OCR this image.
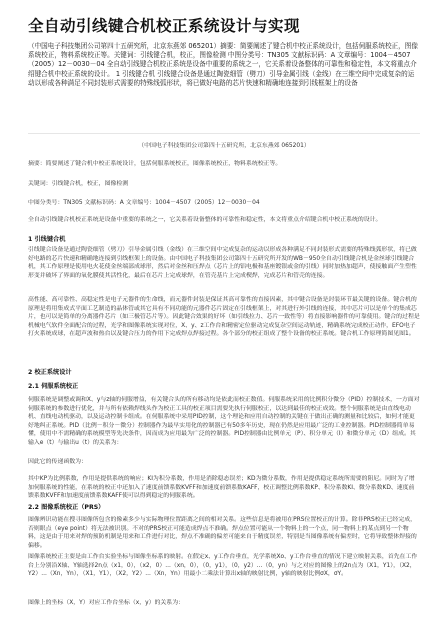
全自动引线键合机校正系统设计与实现
（中国电子科技集团公司第四十五研究所，北京东燕郊 065201）摘要：简要阐述了键合机中校正系统设计，包括伺服系统校正，图像系统校正，物料系统校正等。关键词：引线键合机，校正，图像检测 中图分类号：TN305 文献标识码：A 文章编号：1004－4507（2005）12－0030－04 全自动引线键合机校正系统是设备中重要的系统之一，它关系着设备整体的可靠性和稳定性，本文将重点介绍键合机中校正系统的设计。 1 引线键合机 引线键合设备是通过陶瓷细管（劈刀）引导金属引线（金线）在三维空间中完成复杂的运动以形成各种满足不同封装形式需要的特殊线弧形状，将已做好电路的芯片快速和精确地连接到引线框架上的设备
（中国电子科技集团公司第四十五研究所，北京东燕郊 065201）
摘要：简要阐述了键合机中校正系统设计，包括伺服系统校正，图像系统校正，物料系统校正等。
关键词：引线键合机，校正，图像检测
中图分类号：TN305 文献标识码：A 文章编号：1004－4507（2005）12－0030－04
全自动引线键合机校正系统是设备中重要的系统之一，它关系着设备整体的可靠性和稳定性，本文将重点介绍键合机中校正系统的设计。
1 引线键合机
引线键合设备是通过陶瓷细管（劈刀）引导金属引线（金线）在三维空间中完成复杂的运动以形成各种满足不同封装形式需要的特殊线弧形状，将已做好电路的芯片快速和精确地连接到引线框架上的设备。由中国电子科技集团公司第四十五研究所开发的WB－950全自动引线键合机是金丝球引线键合机，其工作原理是使用电火花使金丝端部成球形，然后对金丝和压焊点（芯片上的铝电极和基座镀银或金的引线）同时加热加超声，使接触面产生塑性形变并破坏了界面的氧化膜使其活性化，最后在芯片上完成球焊，在管壳基片上完成楔焊，完成芯片和管壳的连接。
高性能、高可靠性、高稳定性是电子元器件的生命线，而元器件封装是保证其高可靠性的直接因素，其中键合设备是封装环节最关键的设备。键合机的原理是将用集成式平面工艺制造的晶体管或其它具有不同功能的元器件芯片固定在引线框架上，对其进行外引线的连接，其中芯片可以是单个的集成芯片，也可以是简单的分离器件芯片（如三极管芯片等）。因此键合效果的好坏（如引线拉力、芯片一致性等）将直接影响器件的可靠使用。键合的过程是机械电气软件全面配合的过程，光学和图像系统实现对位，X、y、z工作台和精密定位驱动完成复杂空间运动轨迹，精确系统完成校正动作，EFO电子打火系统成球，在超声波和热台以及键合压力的作用下完成焊点焊接过程。各个部分的校正组成了整个设备的校正系统。键合机工作原理简图见图1。
2 校正系统设计
2.1 伺服系统校正
伺服系统是调整或调和X、y与z轴的伺服增益，有关键合头的所有移动均是依此而校正数值。伺服系统采用的比例积分微分（PID）控制技术，一方面对伺服系统的参数进行优化，并与所有依赖焊线头作为校正工具的校正项目需要先执行伺服校正，以达到最佳的校正成效。整个伺服系统是由直线电动机、直线电动机驱动，以及运动控制卡组成。在伺服系统中采用PID控制，这个理论和应用自动控制的关键在于做出正确的测量和比较后，如何才能更好地纠正系统。PID（比例－积分－微分）控制器作为最早实用化的控制器已有50多年历史，现在仍然是应用最广泛的工业控制器。PID控制器简单易懂，使用中不需精确的系统模型等先决条件，因而成为应用最为广泛的控制器。PID控制器由比例单元（P）、积分单元（I）和微分单元（D）组成。其输入e（t）与输出u（t）的关系为：
因此它的传递函数为：
其中KP为比例系数，作用是提供系统的响应；KI为积分系数，作用是消除稳态误差；KD为微分系数，作用是提供稳定系统所需要的阻尼。同时为了增加伺服系统的性能，在系统的校正中还加入了速度前馈系数KVFF和加速度前馈系数KAFF，校正调整比例系数KP、积分系数KI、微分系数KD、速度前馈系数KVFF和加速度前馈系数KAFF使可以得到稳定的伺服系统。
2.2 图像系统校正（PRS）
图像辨识功能在搜寻图像所包含的像素多少与实际物理位置距离之间的相对关系。这些信息是将被用在PRS位置校正的计算。除非PRS校正已经完成，否则眼点（eye point）将无法被识别。不对的PRS校正可能造成焊点不准确。焊点位置可能从一个物料上的一个点，同一物料上的某点到另一个物料，这是由于用来对焊的预防机制是用来和工件进行对比，焊点不准确的偏差可能来自于精度误差，特别是当图像系统有偏差时，它将导致整体焊接的偏移。
图像系统校正主要是由工作台实验坐标与图像坐标系的映射。在假定x、y工作台垂直，光学系统Xo、y工作台垂直的情况下建立映射关系，首先在工作台上分别沿X轴、Y轴选择2n点（x1，0），（x2，0）...（xn，0），（0，y1），（0，y2）...（0，yn）与之对应的图像上的2n点为（X1，Y1），（X2，Y2）...（Xn，Yn），（X1，Y1），（X2，Y2）...（Xn，Yn）用最小二乘法计算出x轴的映射比例，y轴的映射比例σX，σY。
图像上的坐标（X，Y）对应工作台坐标（x，y）的关系为：
